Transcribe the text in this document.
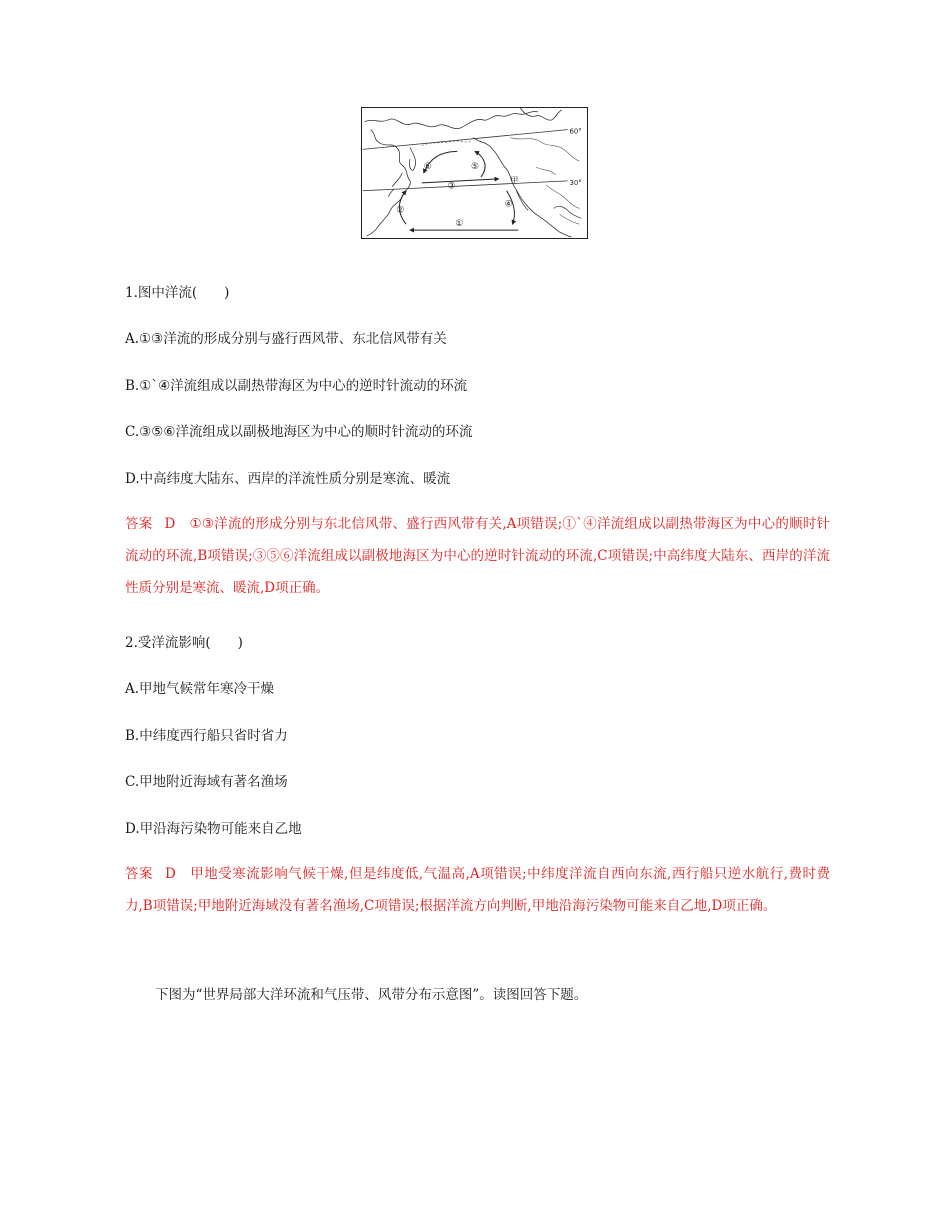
60°
30°
①
②
③
④
⑤
⑥
甲
1.图中洋流(　　)
A.①③洋流的形成分别与盛行西风带、东北信风带有关
B.①`④洋流组成以副热带海区为中心的逆时针流动的环流
C.③⑤⑥洋流组成以副极地海区为中心的顺时针流动的环流
D.中高纬度大陆东、西岸的洋流性质分别是寒流、暖流
答案 D ①③洋流的形成分别与东北信风带、盛行西风带有关,A项错误;①`④洋流组成以副热带海区为中心的顺时针流动的环流,B项错误;③⑤⑥洋流组成以副极地海区为中心的逆时针流动的环流,C项错误;中高纬度大陆东、西岸的洋流性质分别是寒流、暖流,D项正确。
2.受洋流影响(　　)
A.甲地气候常年寒冷干燥
B.中纬度西行船只省时省力
C.甲地附近海域有著名渔场
D.甲沿海污染物可能来自乙地
答案 D 甲地受寒流影响气候干燥,但是纬度低,气温高,A项错误;中纬度洋流自西向东流,西行船只逆水航行,费时费力,B项错误;甲地附近海域没有著名渔场,C项错误;根据洋流方向判断,甲地沿海污染物可能来自乙地,D项正确。
下图为“世界局部大洋环流和气压带、风带分布示意图”。读图回答下题。
